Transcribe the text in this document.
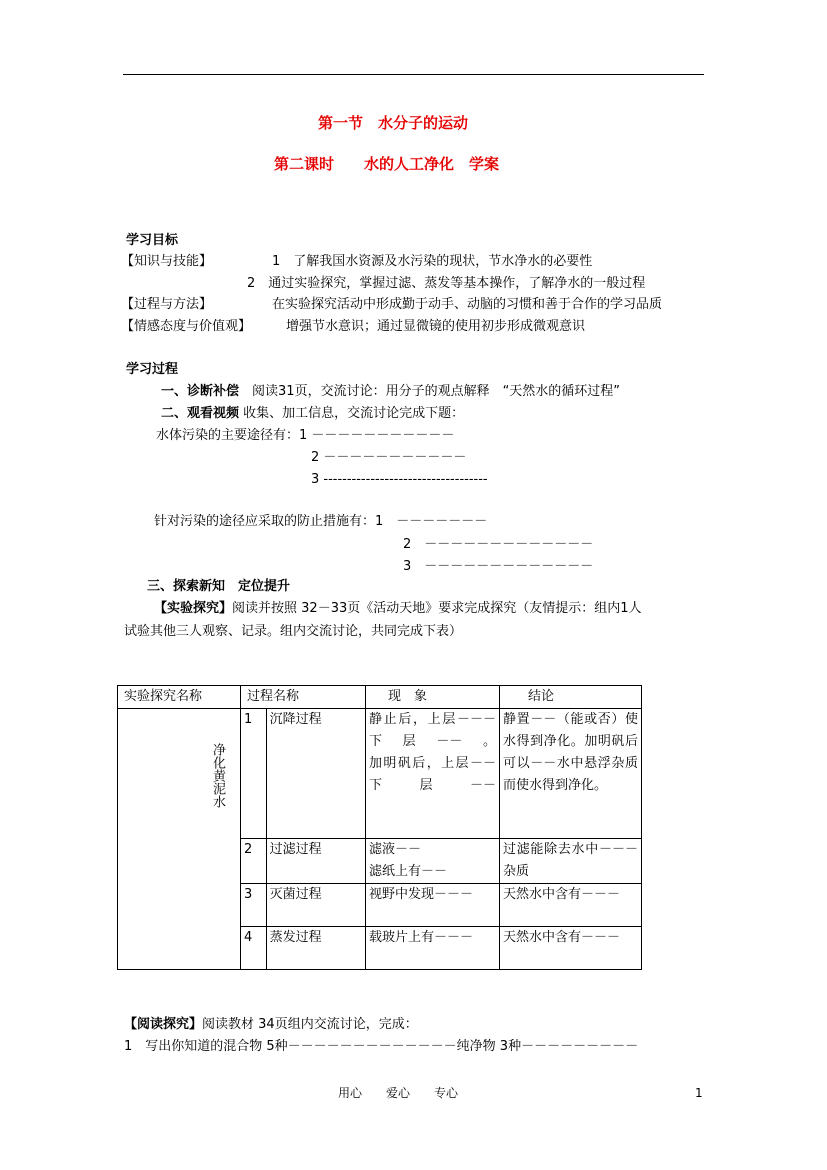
第一节　水分子的运动
第二课时　　水的人工净化　学案
学习目标
【知识与技能】	1　了解我国水资源及水污染的现状，节水净水的必要性
2　通过实验探究，掌握过滤、蒸发等基本操作，了解净水的一般过程
【过程与方法】	在实验探究活动中形成勤于动手、动脑的习惯和善于合作的学习品质
【情感态度与价值观】	增强节水意识；通过显微镜的使用初步形成微观意识
学习过程
一、诊断补偿　 阅读31页，交流讨论：用分子的观点解释　“天然水的循环过程”
二、观看视频 收集、加工信息，交流讨论完成下题：
水体污染的主要途径有：1 －－－－－－－－－－－
2 －－－－－－－－－－－
3 -----------------------------------
针对污染的途径应采取的防止措施有：1　－－－－－－－
2　－－－－－－－－－－－－－
3　－－－－－－－－－－－－－
三、探索新知　定位提升
【实验探究】阅读并按照 32－33页《活动天地》要求完成探究（友情提示：组内1人
试验其他三人观察、记录。组内交流讨论，共同完成下表）
实验探究名称	过程名称		现　象	结论

净化黄泥水	1	沉降过程	静止后，上层－－－下层－－。
加明矾后，上层－－下层－－	静置－－（能或否）使水得到净化。加明矾后可以－－水中悬浮杂质而使水得到净化。
	2	过滤过程	滤液－－
滤纸上有－－	过滤能除去水中－－－杂质
	3	灭菌过程	视野中发现－－－	天然水中含有－－－
	4	蒸发过程	载玻片上有－－－	天然水中含有－－－
【阅读探究】阅读教材 34页组内交流讨论，完成：
1　写出你知道的混合物 5种－－－－－－－－－－－－－纯净物 3种－－－－－－－－－
用心　　爱心　　专心	1
